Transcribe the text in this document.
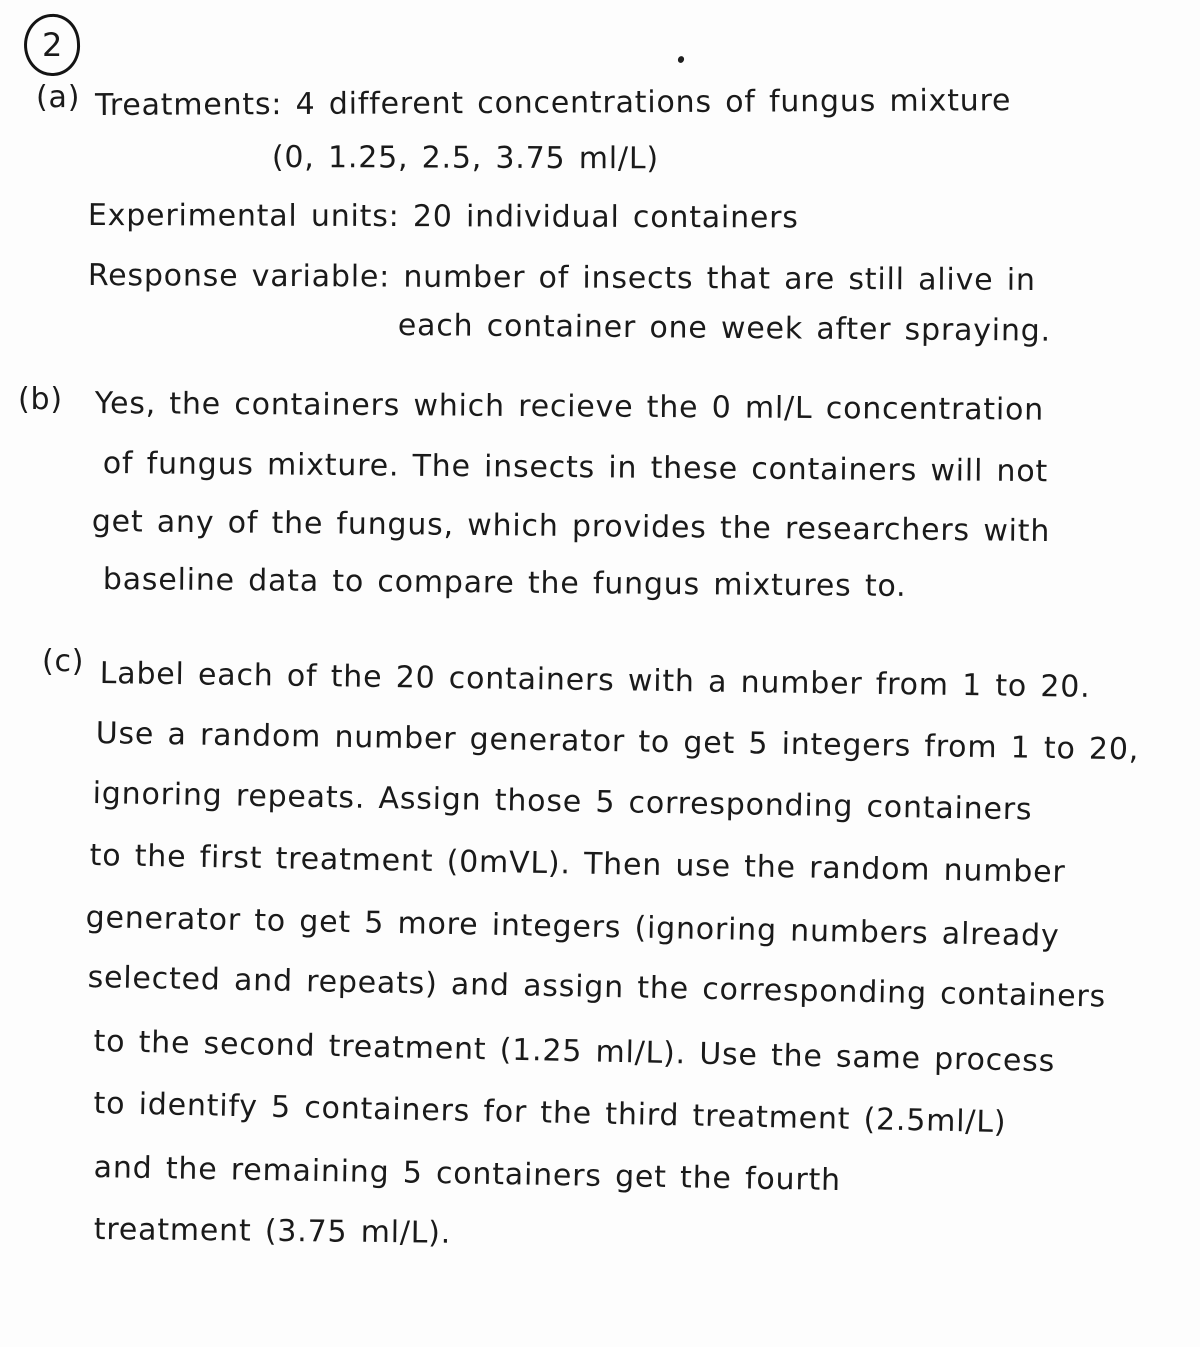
2
(a) Treatments: 4 different concentrations of fungus mixture
(0, 1.25, 2.5, 3.75 ml/L)
Experimental units: 20 individual containers
Response variable: number of insects that are still alive in
each container one week after spraying.
(b) Yes, the containers which recieve the 0 ml/L concentration
of fungus mixture. The insects in these containers will not
get any of the fungus, which provides the researchers with
baseline data to compare the fungus mixtures to.
(c) Label each of the 20 containers with a number from 1 to 20.
Use a random number generator to get 5 integers from 1 to 20,
ignoring repeats. Assign those 5 corresponding containers
to the first treatment (0mVL). Then use the random number
generator to get 5 more integers (ignoring numbers already
selected and repeats) and assign the corresponding containers
to the second treatment (1.25 ml/L). Use the same process
to identify 5 containers for the third treatment (2.5ml/L)
and the remaining 5 containers get the fourth
treatment (3.75 ml/L).
